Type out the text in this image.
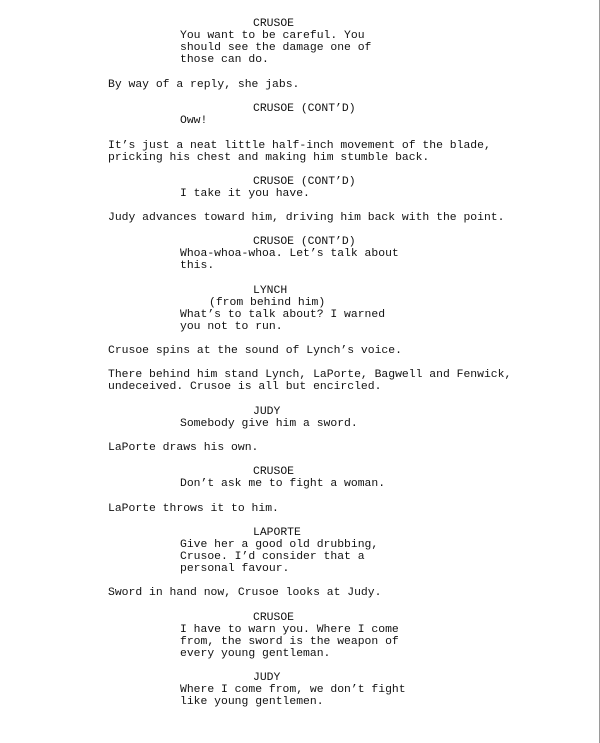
CRUSOE
You want to be careful. You
should see the damage one of
those can do.
By way of a reply, she jabs.
CRUSOE (CONT’D)
Oww!
It’s just a neat little half-inch movement of the blade,
pricking his chest and making him stumble back.
CRUSOE (CONT’D)
I take it you have.
Judy advances toward him, driving him back with the point.
CRUSOE (CONT’D)
Whoa-whoa-whoa. Let’s talk about
this.
LYNCH
(from behind him)
What’s to talk about? I warned
you not to run.
Crusoe spins at the sound of Lynch’s voice.
There behind him stand Lynch, LaPorte, Bagwell and Fenwick,
undeceived. Crusoe is all but encircled.
JUDY
Somebody give him a sword.
LaPorte draws his own.
CRUSOE
Don’t ask me to fight a woman.
LaPorte throws it to him.
LAPORTE
Give her a good old drubbing,
Crusoe. I’d consider that a
personal favour.
Sword in hand now, Crusoe looks at Judy.
CRUSOE
I have to warn you. Where I come
from, the sword is the weapon of
every young gentleman.
JUDY
Where I come from, we don’t fight
like young gentlemen.
